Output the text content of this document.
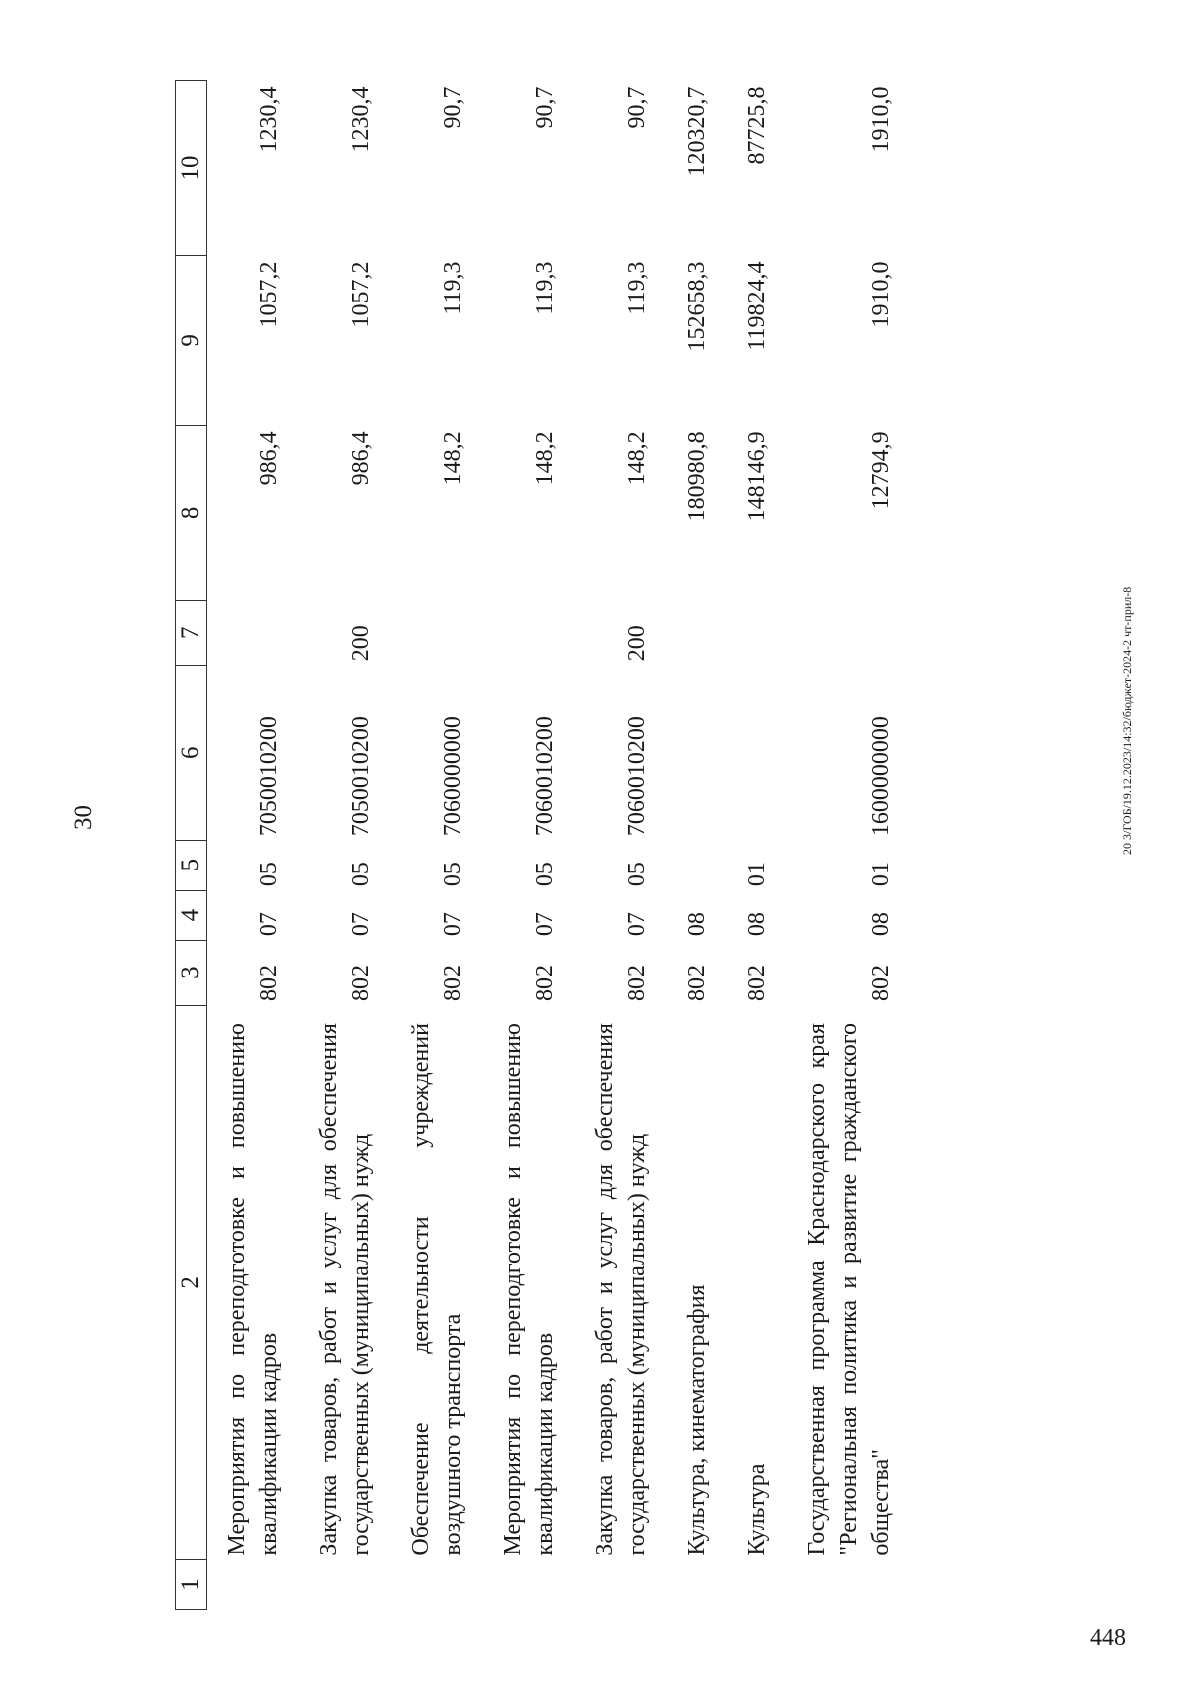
30	20 3/ГОБ/19.12.2023/14:32/бюджет-2024-2 чт-прил-8
448
1	2	3	4	5	6	7	8	9	10
	Мероприятия по переподготовке и повышению квалификации кадров	802	07	05	7050010200		986,4	1057,2	1230,4
	Закупка товаров, работ и услуг для обеспечения государственных (муниципальных) нужд	802	07	05	7050010200	200	986,4	1057,2	1230,4
	Обеспечение деятельности учреждений воздушного транспорта	802	07	05	7060000000		148,2	119,3	90,7
	Мероприятия по переподготовке и повышению квалификации кадров	802	07	05	7060010200		148,2	119,3	90,7
	Закупка товаров, работ и услуг для обеспечения государственных (муниципальных) нужд	802	07	05	7060010200	200	148,2	119,3	90,7
	Культура, кинематография	802	08				180980,8	152658,3	120320,7
	Культура	802	08	01			148146,9	119824,4	87725,8
	Государственная программа Краснодарского края "Региональная политика и развитие гражданского общества"	802	08	01	1600000000		12794,9	1910,0	1910,0
